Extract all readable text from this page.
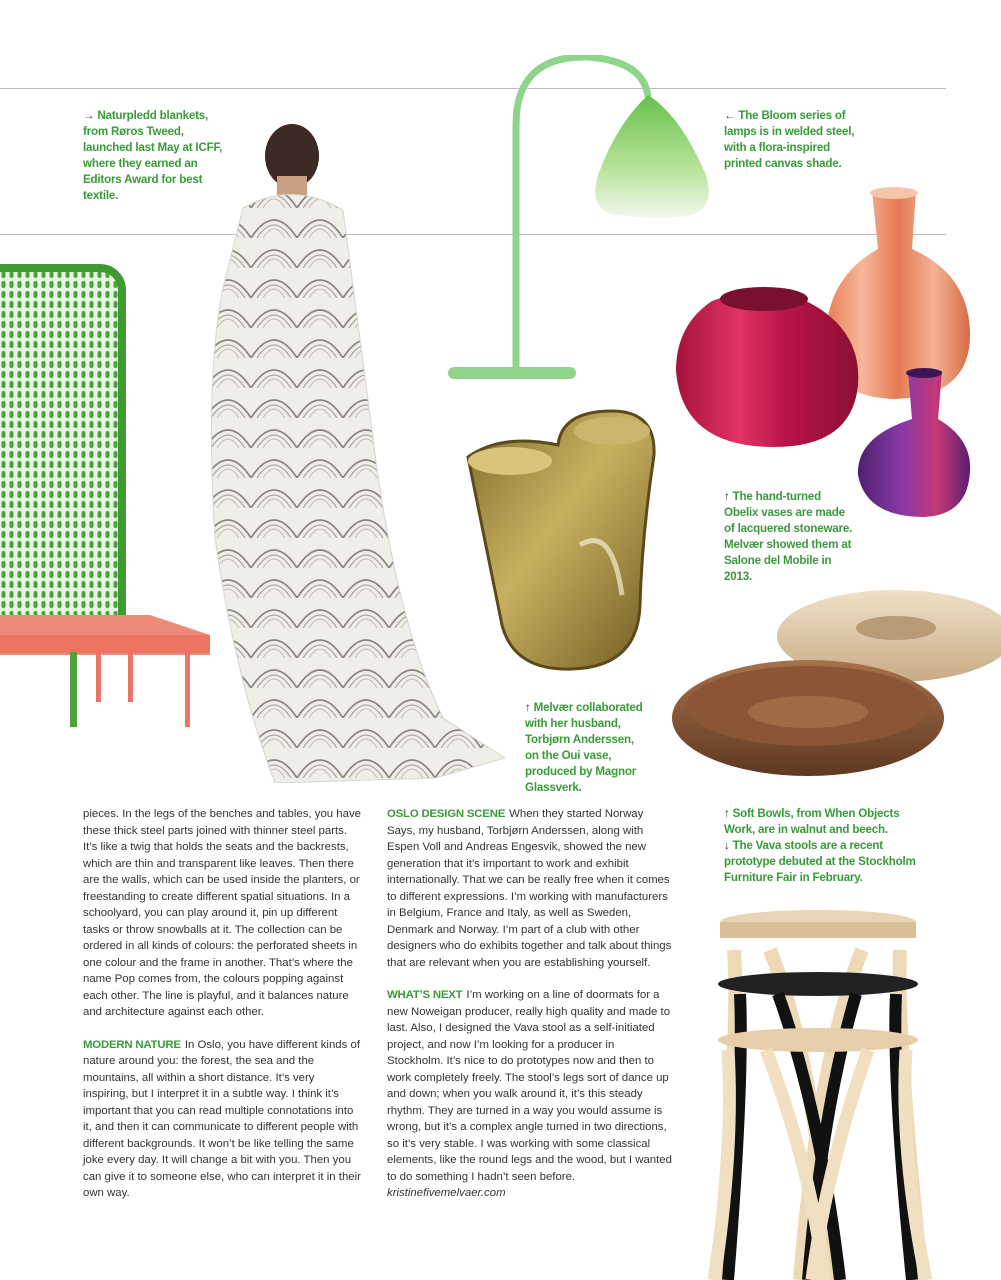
→ Naturpledd blankets, from Røros Tweed, launched last May at ICFF, where they earned an Editors Award for best textile.
← The Bloom series of lamps is in welded steel, with a flora-inspired printed canvas shade.
↑ The hand-turned Obelix vases are made of lacquered stoneware. Melvær showed them at Salone del Mobile in 2013.
↑ Melvær collaborated with her husband, Torbjørn Anderssen, on the Oui vase, produced by Magnor Glassverk.
↑ Soft Bowls, from When Objects Work, are in walnut and beech.
↓ The Vava stools are a recent prototype debuted at the Stockholm Furniture Fair in February.

pieces. In the legs of the benches and tables, you have these thick steel parts joined with thinner steel parts. It’s like a twig that holds the seats and the backrests, which are thin and transparent like leaves. Then there are the walls, which can be used inside the planters, or freestanding to create different spatial situations. In a schoolyard, you can play around it, pin up different tasks or throw snowballs at it. The collection can be ordered in all kinds of colours: the perforated sheets in one colour and the frame in another. That’s where the name Pop comes from, the colours popping against each other. The line is playful, and it balances nature and architecture against each other.

MODERN NATURE In Oslo, you have different kinds of nature around you: the forest, the sea and the mountains, all within a short distance. It’s very inspiring, but I interpret it in a subtle way. I think it’s important that you can read multiple connotations into it, and then it can communicate to different people with different backgrounds. It won’t be like telling the same joke every day. It will change a bit with you. Then you can give it to someone else, who can interpret it in their own way.

OSLO DESIGN SCENE When they started Norway Says, my husband, Torbjørn Anderssen, along with Espen Voll and Andreas Engesvik, showed the new generation that it’s important to work and exhibit internationally. That we can be really free when it comes to different expressions. I’m working with manufacturers in Belgium, France and Italy, as well as Sweden, Denmark and Norway. I’m part of a club with other designers who do exhibits together and talk about things that are relevant when you are establishing yourself.

WHAT’S NEXT I’m working on a line of doormats for a new Noweigan producer, really high quality and made to last. Also, I designed the Vava stool as a self-initiated project, and now I’m looking for a producer in Stockholm. It’s nice to do prototypes now and then to work completely freely. The stool’s legs sort of dance up and down; when you walk around it, it’s this steady rhythm. They are turned in a way you would assume is wrong, but it’s a complex angle turned in two directions, so it’s very stable. I was working with some classical elements, like the round legs and the wood, but I wanted to do something I hadn’t seen before. kristinefivemelvaer.com
